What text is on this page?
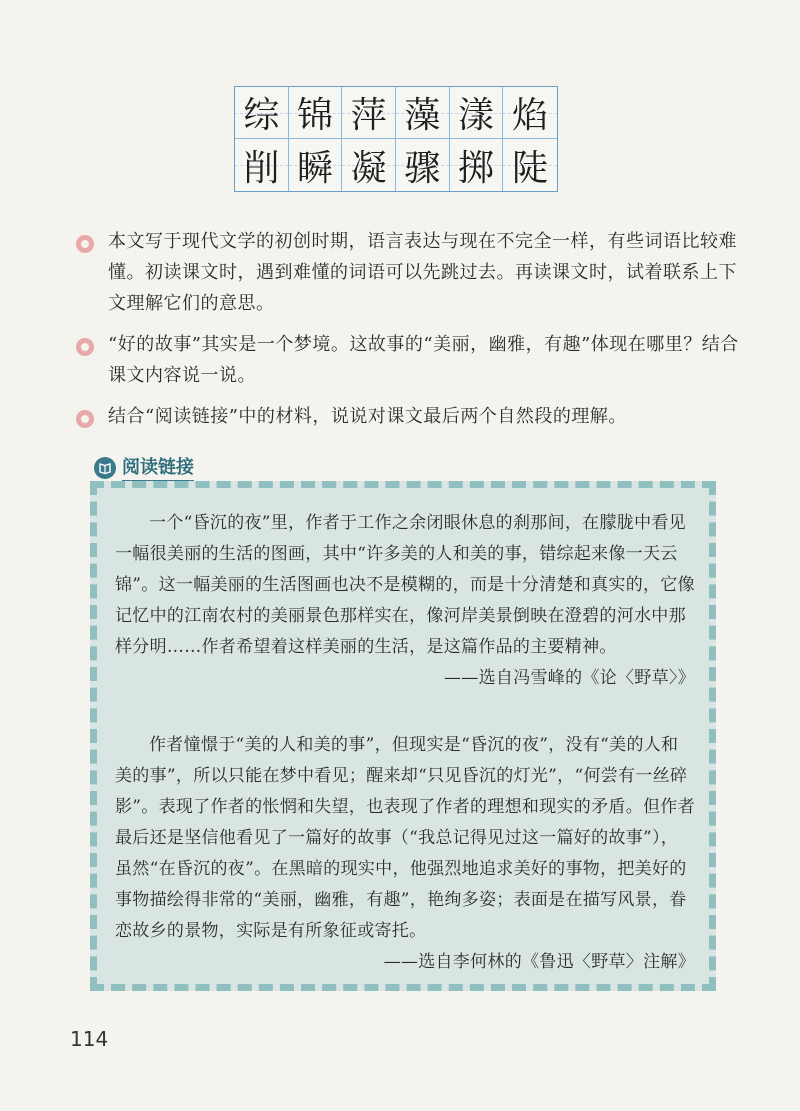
综 锦 萍 藻 漾 焰
削 瞬 凝 骤 掷 陡
本文写于现代文学的初创时期，语言表达与现在不完全一样，有些词语比较难懂。初读课文时，遇到难懂的词语可以先跳过去。再读课文时，试着联系上下文理解它们的意思。
“好的故事”其实是一个梦境。这故事的“美丽，幽雅，有趣”体现在哪里？结合课文内容说一说。
结合“阅读链接”中的材料，说说对课文最后两个自然段的理解。
阅读链接

一个“昏沉的夜”里，作者于工作之余闭眼休息的刹那间，在朦胧中看见一幅很美丽的生活的图画，其中“许多美的人和美的事，错综起来像一天云锦”。这一幅美丽的生活图画也决不是模糊的，而是十分清楚和真实的，它像记忆中的江南农村的美丽景色那样实在，像河岸美景倒映在澄碧的河水中那样分明……作者希望着这样美丽的生活，是这篇作品的主要精神。

——选自冯雪峰的《论〈野草〉》

作者憧憬于“美的人和美的事”，但现实是“昏沉的夜”，没有“美的人和美的事”，所以只能在梦中看见；醒来却“只见昏沉的灯光”，“何尝有一丝碎影”。表现了作者的怅惘和失望，也表现了作者的理想和现实的矛盾。但作者最后还是坚信他看见了一篇好的故事（“我总记得见过这一篇好的故事”），虽然“在昏沉的夜”。在黑暗的现实中，他强烈地追求美好的事物，把美好的事物描绘得非常的“美丽，幽雅，有趣”，艳绚多姿；表面是在描写风景，眷恋故乡的景物，实际是有所象征或寄托。

——选自李何林的《鲁迅〈野草〉注解》

114
